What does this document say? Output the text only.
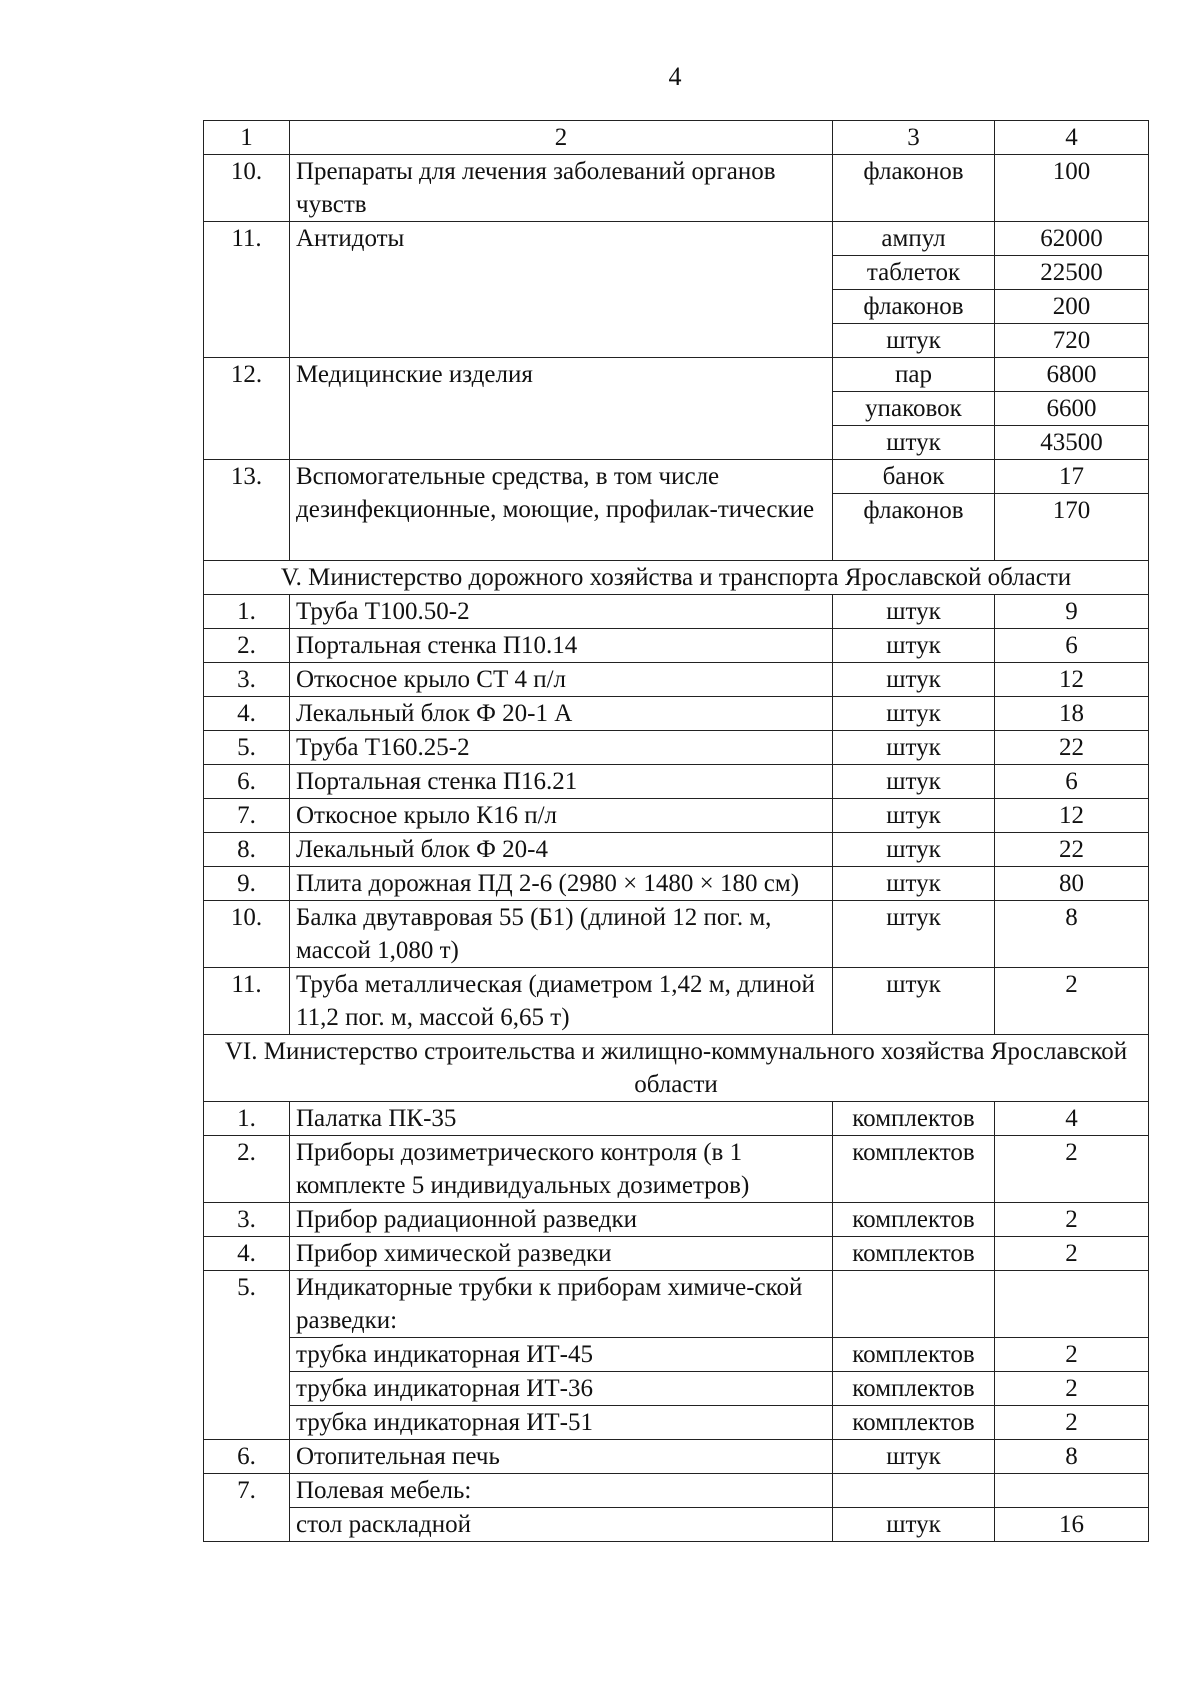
4
1	2	3	4
10.	Препараты для лечения заболеваний органов чувств	флаконов	100
11.	Антидоты	ампул	62000
		таблеток	22500
		флаконов	200
		штук	720
12.	Медицинские изделия	пар	6800
		упаковок	6600
		штук	43500
13.	Вспомогательные средства, в том числе дезинфекционные, моющие, профилак-тические	банок	17
		флаконов	170
V. Министерство дорожного хозяйства и транспорта Ярославской области			
1.	Труба Т100.50-2	штук	9
2.	Портальная стенка П10.14	штук	6
3.	Откосное крыло СТ 4 п/л	штук	12
4.	Лекальный блок Ф 20-1 А	штук	18
5.	Труба Т160.25-2	штук	22
6.	Портальная стенка П16.21	штук	6
7.	Откосное крыло К16 п/л	штук	12
8.	Лекальный блок Ф 20-4	штук	22
9.	Плита дорожная ПД 2-6 (2980 × 1480 × 180 см)	штук	80
10.	Балка двутавровая 55 (Б1) (длиной 12 пог. м, массой 1,080 т)	штук	8
11.	Труба металлическая (диаметром 1,42 м, длиной 11,2 пог. м, массой 6,65 т)	штук	2
VI. Министерство строительства и жилищно-коммунального хозяйства Ярославской области			
1.	Палатка ПК-35	комплектов	4
2.	Приборы дозиметрического контроля (в 1 комплекте 5 индивидуальных дозиметров)	комплектов	2
3.	Прибор радиационной разведки	комплектов	2
4.	Прибор химической разведки	комплектов	2
5.	Индикаторные трубки к приборам химиче-ской разведки:		
	трубка индикаторная ИТ-45	комплектов	2
	трубка индикаторная ИТ-36	комплектов	2
	трубка индикаторная ИТ-51	комплектов	2
6.	Отопительная печь	штук	8
7.	Полевая мебель:		
	стол раскладной	штук	16
